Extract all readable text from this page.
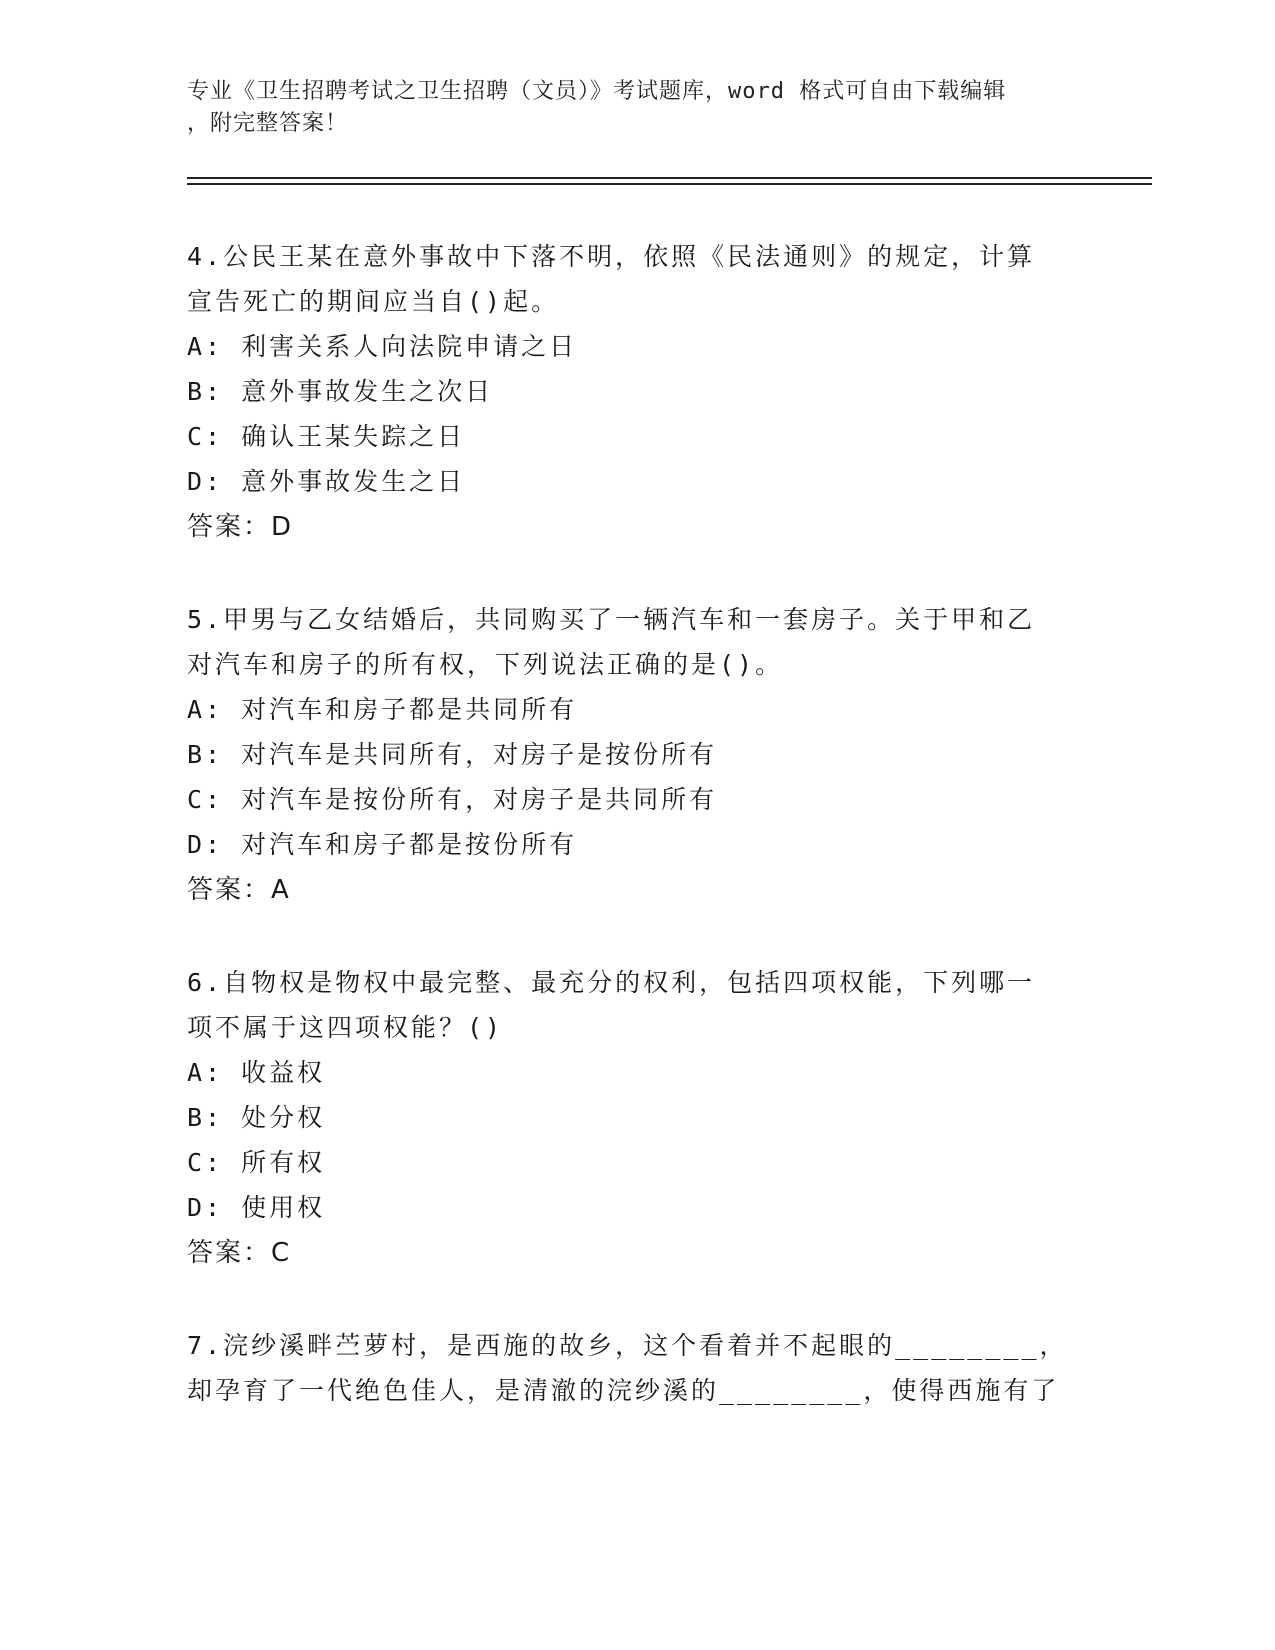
专业《卫生招聘考试之卫生招聘（文员）》考试题库，word 格式可自由下载编辑
，附完整答案！

4.公民王某在意外事故中下落不明，依照《民法通则》的规定，计算

宣告死亡的期间应当自()起。

A: 利害关系人向法院申请之日

B: 意外事故发生之次日

C: 确认王某失踪之日

D: 意外事故发生之日

答案：D

5.甲男与乙女结婚后，共同购买了一辆汽车和一套房子。关于甲和乙

对汽车和房子的所有权，下列说法正确的是()。

A: 对汽车和房子都是共同所有

B: 对汽车是共同所有，对房子是按份所有

C: 对汽车是按份所有，对房子是共同所有

D: 对汽车和房子都是按份所有

答案：A

6.自物权是物权中最完整、最充分的权利，包括四项权能，下列哪一

项不属于这四项权能？()

A: 收益权

B: 处分权

C: 所有权

D: 使用权

答案：C

7.浣纱溪畔苎萝村，是西施的故乡，这个看着并不起眼的________，

却孕育了一代绝色佳人，是清澈的浣纱溪的________，使得西施有了
